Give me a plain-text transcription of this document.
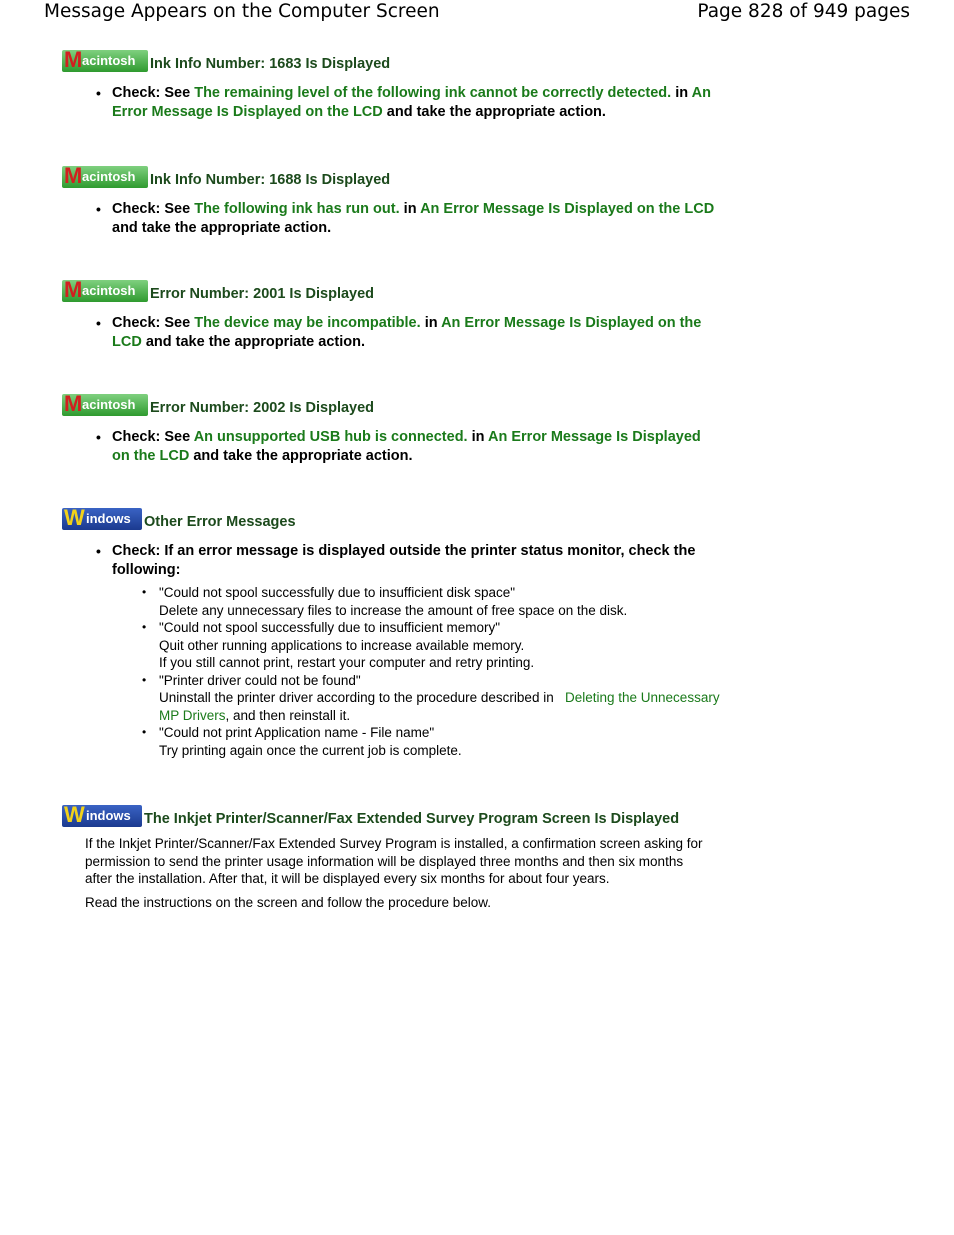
Message Appears on the Computer Screen	Page 828 of 949 pages
M acintosh Ink Info Number: 1683 Is Displayed
• Check: See The remaining level of the following ink cannot be correctly detected. in An Error Message Is Displayed on the LCD and take the appropriate action.
M acintosh Ink Info Number: 1688 Is Displayed
• Check: See The following ink has run out. in An Error Message Is Displayed on the LCD and take the appropriate action.
M acintosh Error Number: 2001 Is Displayed
• Check: See The device may be incompatible. in An Error Message Is Displayed on the LCD and take the appropriate action.
M acintosh Error Number: 2002 Is Displayed
• Check: See An unsupported USB hub is connected. in An Error Message Is Displayed on the LCD and take the appropriate action.
W indows Other Error Messages
• Check: If an error message is displayed outside the printer status monitor, check the following:
• "Could not spool successfully due to insufficient disk space"
Delete any unnecessary files to increase the amount of free space on the disk.
• "Could not spool successfully due to insufficient memory"
Quit other running applications to increase available memory.
If you still cannot print, restart your computer and retry printing.
• "Printer driver could not be found"
Uninstall the printer driver according to the procedure described in Deleting the Unnecessary MP Drivers, and then reinstall it.
• "Could not print Application name - File name"
Try printing again once the current job is complete.
W indows The Inkjet Printer/Scanner/Fax Extended Survey Program Screen Is Displayed

If the Inkjet Printer/Scanner/Fax Extended Survey Program is installed, a confirmation screen asking for permission to send the printer usage information will be displayed three months and then six months after the installation. After that, it will be displayed every six months for about four years.

Read the instructions on the screen and follow the procedure below.
